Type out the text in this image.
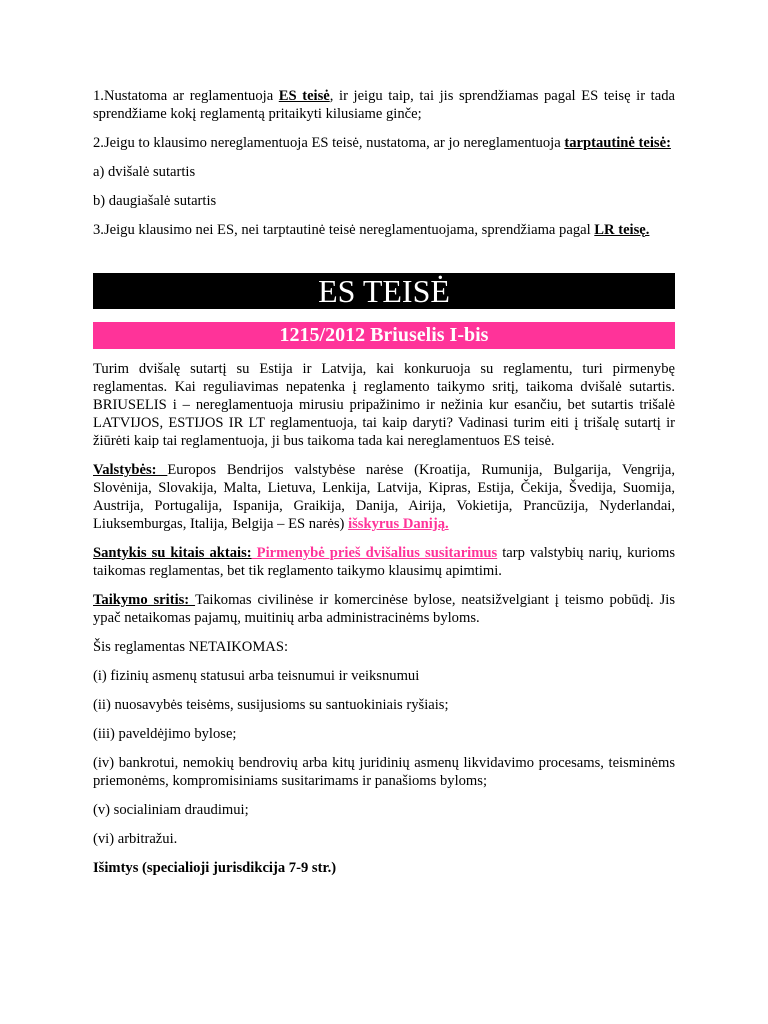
1.Nustatoma ar reglamentuoja ES teisė, ir jeigu taip, tai jis sprendžiamas pagal ES teisę ir tada sprendžiame kokį reglamentą pritaikyti kilusiame ginče;

2.Jeigu to klausimo nereglamentuoja ES teisė, nustatoma, ar jo nereglamentuoja tarptautinė teisė:

a) dvišalė sutartis

b) daugiašalė sutartis

3.Jeigu klausimo nei ES, nei tarptautinė teisė nereglamentuojama, sprendžiama pagal LR teisę.

ES TEISĖ
1215/2012 Briuselis I-bis

Turim dvišalę sutartį su Estija ir Latvija, kai konkuruoja su reglamentu, turi pirmenybę reglamentas. Kai reguliavimas nepatenka į reglamento taikymo sritį, taikoma dvišalė sutartis. BRIUSELIS i – nereglamentuoja mirusiu pripažinimo ir nežinia kur esančiu, bet sutartis trišalė LATVIJOS, ESTIJOS IR LT reglamentuoja, tai kaip daryti? Vadinasi turim eiti į trišalę sutartį ir žiūrėti kaip tai reglamentuoja, ji bus taikoma tada kai nereglamentuos ES teisė.

Valstybės: Europos Bendrijos valstybėse narėse (Kroatija, Rumunija, Bulgarija, Vengrija, Slovėnija, Slovakija, Malta, Lietuva, Lenkija, Latvija, Kipras, Estija, Čekija, Švedija, Suomija, Austrija, Portugalija, Ispanija, Graikija, Danija, Airija, Vokietija, Prancūzija, Nyderlandai, Liuksemburgas, Italija, Belgija – ES narės) išskyrus Daniją.

Santykis su kitais aktais: Pirmenybė prieš dvišalius susitarimus tarp valstybių narių, kurioms taikomas reglamentas, bet tik reglamento taikymo klausimų apimtimi.

Taikymo sritis: Taikomas civilinėse ir komercinėse bylose, neatsižvelgiant į teismo pobūdį. Jis ypač netaikomas pajamų, muitinių arba administracinėms byloms.

Šis reglamentas NETAIKOMAS:

(i) fizinių asmenų statusui arba teisnumui ir veiksnumui

(ii) nuosavybės teisėms, susijusioms su santuokiniais ryšiais;

(iii) paveldėjimo bylose;

(iv) bankrotui, nemokių bendrovių arba kitų juridinių asmenų likvidavimo procesams, teisminėms priemonėms, kompromisiniams susitarimams ir panašioms byloms;

(v) socialiniam draudimui;

(vi) arbitražui.

Išimtys (specialioji jurisdikcija 7-9 str.)
